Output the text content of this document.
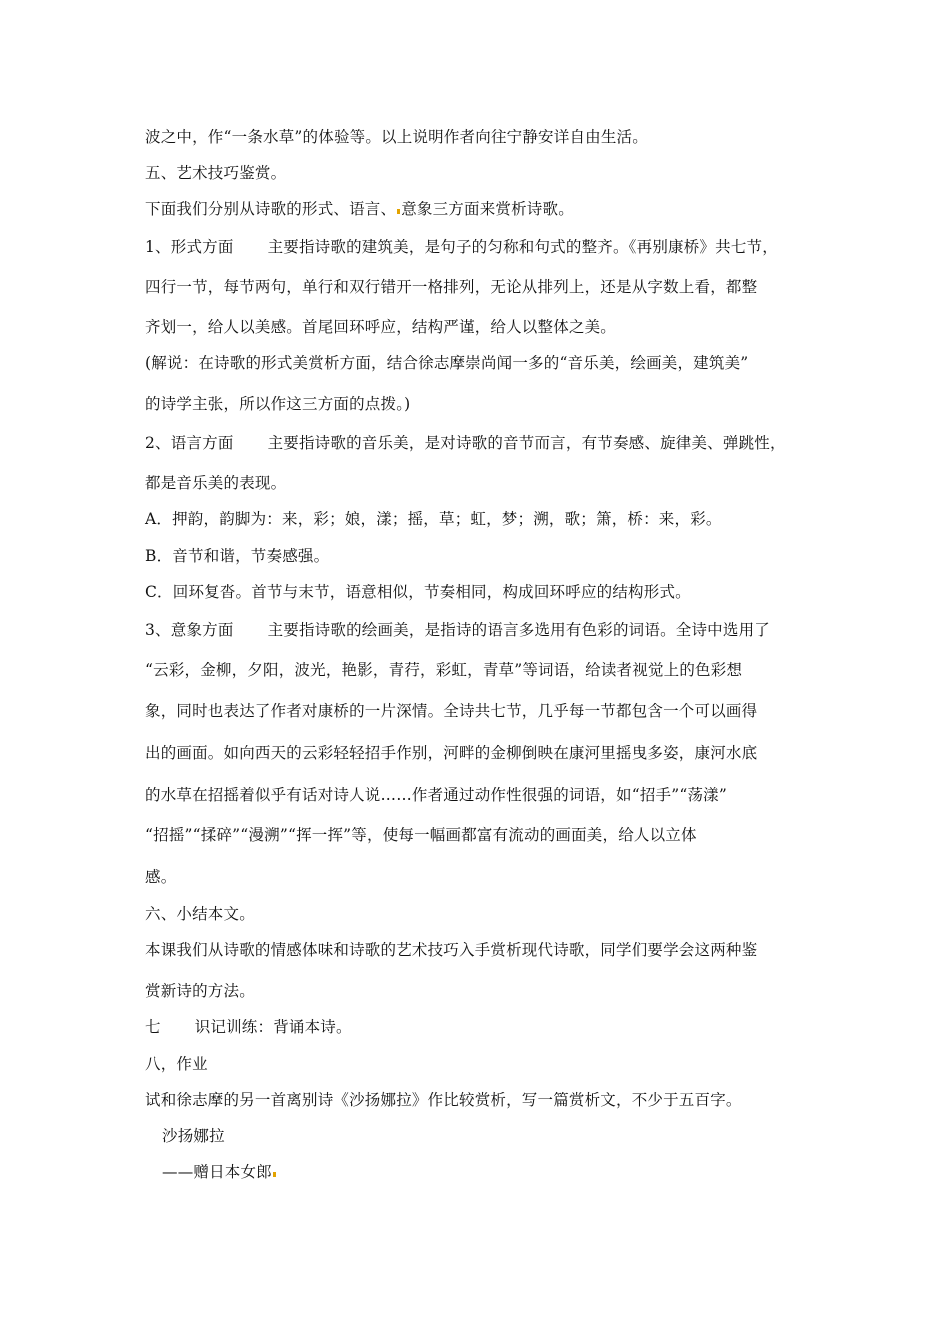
波之中，作“一条水草”的体验等。以上说明作者向往宁静安详自由生活。
五、艺术技巧鉴赏。
下面我们分别从诗歌的形式、语言、 意象三方面来赏析诗歌。
1、形式方面 主要指诗歌的建筑美，是句子的匀称和句式的整齐。《再别康桥》共七节，
四行一节，每节两句，单行和双行错开一格排列，无论从排列上，还是从字数上看，都整
齐划一，给人以美感。首尾回环呼应，结构严谨，给人以整体之美。
(解说：在诗歌的形式美赏析方面，结合徐志摩崇尚闻一多的“音乐美，绘画美，建筑美”
的诗学主张，所以作这三方面的点拨。)
2、语言方面 主要指诗歌的音乐美，是对诗歌的音节而言，有节奏感、旋律美、弹跳性，
都是音乐美的表现。
A．押韵，韵脚为：来，彩；娘，漾；摇，草；虹，梦；溯，歌；箫，桥：来，彩。
B．音节和谐，节奏感强。
C．回环复沓。首节与末节，语意相似，节奏相同，构成回环呼应的结构形式。
3、意象方面 主要指诗歌的绘画美，是指诗的语言多选用有色彩的词语。全诗中选用了
“云彩，金柳，夕阳，波光，艳影，青荇，彩虹，青草”等词语，给读者视觉上的色彩想
象，同时也表达了作者对康桥的一片深情。全诗共七节，几乎每一节都包含一个可以画得
出的画面。如向西天的云彩轻轻招手作别，河畔的金柳倒映在康河里摇曳多姿，康河水底
的水草在招摇着似乎有话对诗人说……作者通过动作性很强的词语，如“招手”“荡漾”
“招摇”“揉碎”“漫溯”“挥一挥”等，使每一幅画都富有流动的画面美，给人以立体
感。
六、小结本文。
本课我们从诗歌的情感体味和诗歌的艺术技巧入手赏析现代诗歌，同学们要学会这两种鉴
赏新诗的方法。
七 识记训练：背诵本诗。
八，作业
试和徐志摩的另一首离别诗《沙扬娜拉》作比较赏析，写一篇赏析文，不少于五百字。
沙扬娜拉
——赠日本女郎
